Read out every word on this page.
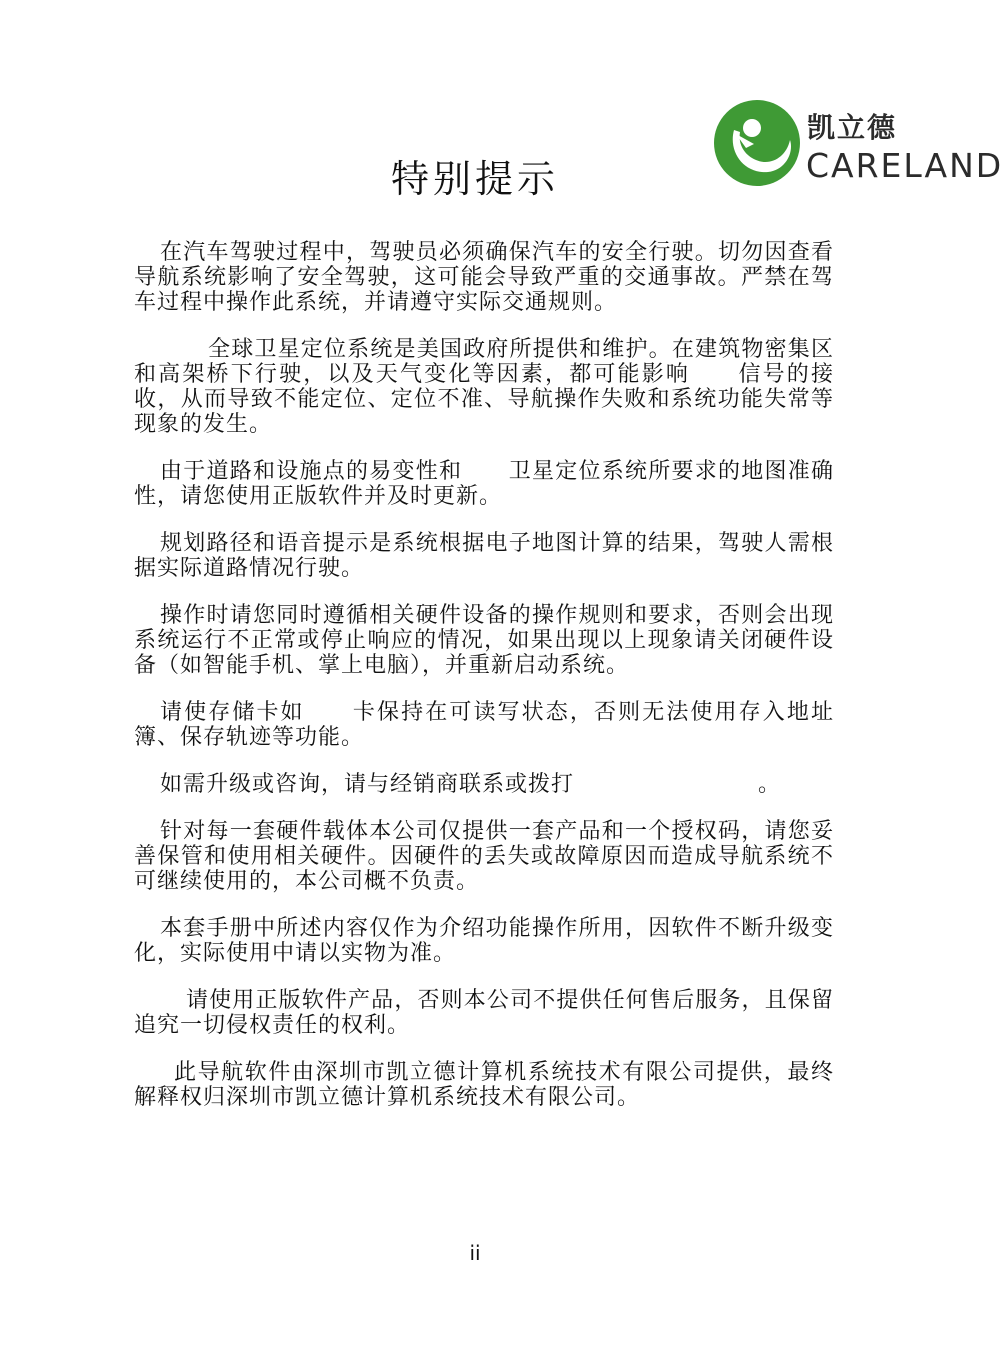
凯立德
CARELAND
特别提示

在汽车驾驶过程中，驾驶员必须确保汽车的安全行驶。切勿因查看导航系统影响了安全驾驶，这可能会导致严重的交通事故。严禁在驾车过程中操作此系统，并请遵守实际交通规则。

全球卫星定位系统是美国政府所提供和维护。在建筑物密集区和高架桥下行驶，以及天气变化等因素，都可能影响　　信号的接收，从而导致不能定位、定位不准、导航操作失败和系统功能失常等现象的发生。

由于道路和设施点的易变性和　　卫星定位系统所要求的地图准确性，请您使用正版软件并及时更新。

规划路径和语音提示是系统根据电子地图计算的结果，驾驶人需根据实际道路情况行驶。

操作时请您同时遵循相关硬件设备的操作规则和要求，否则会出现系统运行不正常或停止响应的情况，如果出现以上现象请关闭硬件设备（如智能手机、掌上电脑），并重新启动系统。

请使存储卡如　　卡保持在可读写状态，否则无法使用存入地址簿、保存轨迹等功能。

如需升级或咨询，请与经销商联系或拨打　　　　　　　　。

针对每一套硬件载体本公司仅提供一套产品和一个授权码，请您妥善保管和使用相关硬件。因硬件的丢失或故障原因而造成导航系统不可继续使用的，本公司概不负责。

本套手册中所述内容仅作为介绍功能操作所用，因软件不断升级变化，实际使用中请以实物为准。

请使用正版软件产品，否则本公司不提供任何售后服务，且保留追究一切侵权责任的权利。

此导航软件由深圳市凯立德计算机系统技术有限公司提供，最终解释权归深圳市凯立德计算机系统技术有限公司。

ii
